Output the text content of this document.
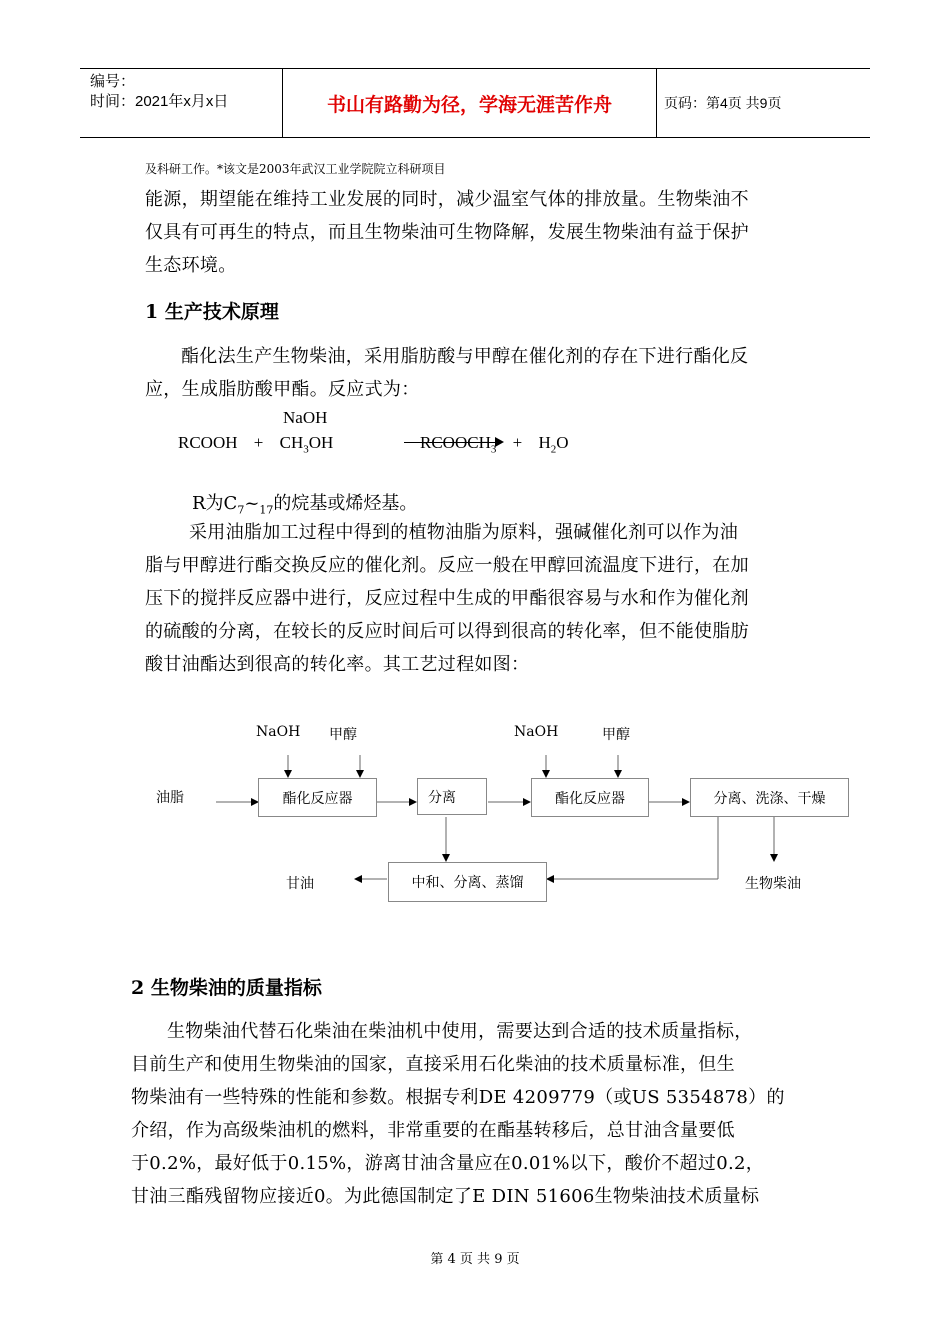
编号：
时间：2021年x月x日	书山有路勤为径，学海无涯苦作舟	页码：第4页 共9页
及科研工作。*该文是2003年武汉工业学院院立科研项目
能源，期望能在维持工业发展的同时，减少温室气体的排放量。生物柴油不
仅具有可再生的特点，而且生物柴油可生物降解，发展生物柴油有益于保护
生态环境。
1 生产技术原理
酯化法生产生物柴油，采用脂肪酸与甲醇在催化剂的存在下进行酯化反
应，生成脂肪酸甲酯。反应式为：
NaOH
RCOOH + $CH_3OH$	$RCOOCH_3 + H_2O$
R为$C_7\sim_{17}$的烷基或烯烃基。
采用油脂加工过程中得到的植物油脂为原料，强碱催化剂可以作为油
脂与甲醇进行酯交换反应的催化剂。反应一般在甲醇回流温度下进行，在加
压下的搅拌反应器中进行，反应过程中生成的甲酯很容易与水和作为催化剂
的硫酸的分离，在较长的反应时间后可以得到很高的转化率，但不能使脂肪
酸甘油酯达到很高的转化率。其工艺过程如图：
NaOH 甲醇	NaOH	甲醇
油脂	酯化反应器	分离	酯化反应器	分离、洗涤、干燥
中和、分离、蒸馏
甘油	生物柴油
2 生物柴油的质量指标
生物柴油代替石化柴油在柴油机中使用，需要达到合适的技术质量指标，
目前生产和使用生物柴油的国家，直接采用石化柴油的技术质量标准，但生
物柴油有一些特殊的性能和参数。根据专利DE 4209779（或US 5354878）的
介绍，作为高级柴油机的燃料，非常重要的在酯基转移后，总甘油含量要低
于0.2%，最好低于0.15%，游离甘油含量应在0.01%以下，酸价不超过0.2，
甘油三酯残留物应接近0。为此德国制定了E DIN 51606生物柴油技术质量标
第 4 页 共 9 页
